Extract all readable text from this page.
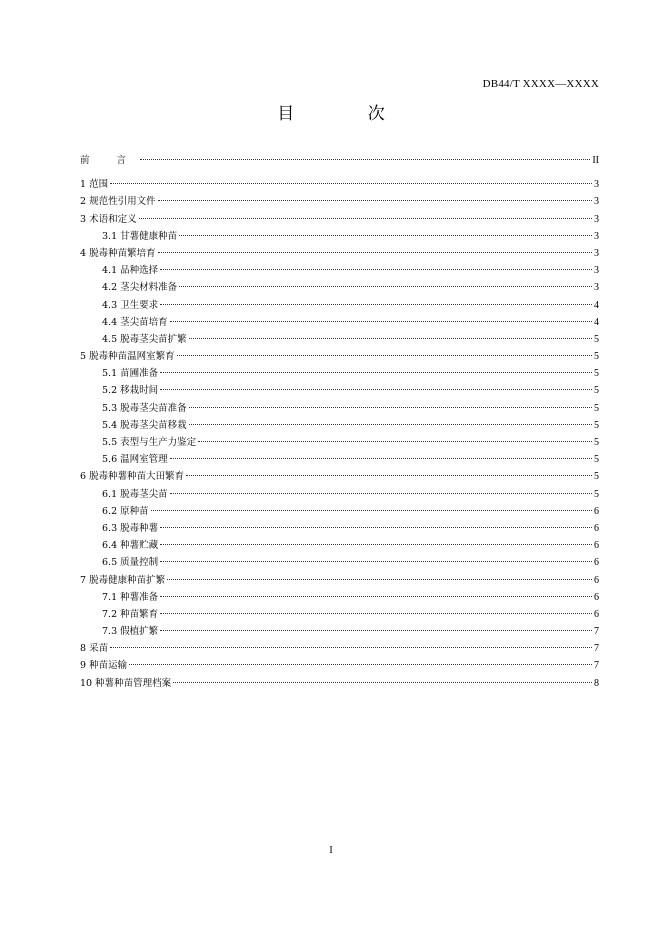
DB44/T XXXX—XXXX
目 次
前 言	II
1 范围	3
2 规范性引用文件	3
3 术语和定义	3
3.1 甘薯健康种苗	3
4 脱毒种苗繁培育	3
4.1 品种选择	3
4.2 茎尖材料准备	3
4.3 卫生要求	4
4.4 茎尖苗培育	4
4.5 脱毒茎尖苗扩繁	5
5 脱毒种苗温网室繁育	5
5.1 苗圃准备	5
5.2 移栽时间	5
5.3 脱毒茎尖苗准备	5
5.4 脱毒茎尖苗移栽	5
5.5 表型与生产力鉴定	5
5.6 温网室管理	5
6 脱毒种薯种苗大田繁育	5
6.1 脱毒茎尖苗	5
6.2 原种苗	6
6.3 脱毒种薯	6
6.4 种薯贮藏	6
6.5 质量控制	6
7 脱毒健康种苗扩繁	6
7.1 种薯准备	6
7.2 种苗繁育	6
7.3 假植扩繁	7
8 采苗	7
9 种苗运输	7
10 种薯种苗管理档案	8
I
